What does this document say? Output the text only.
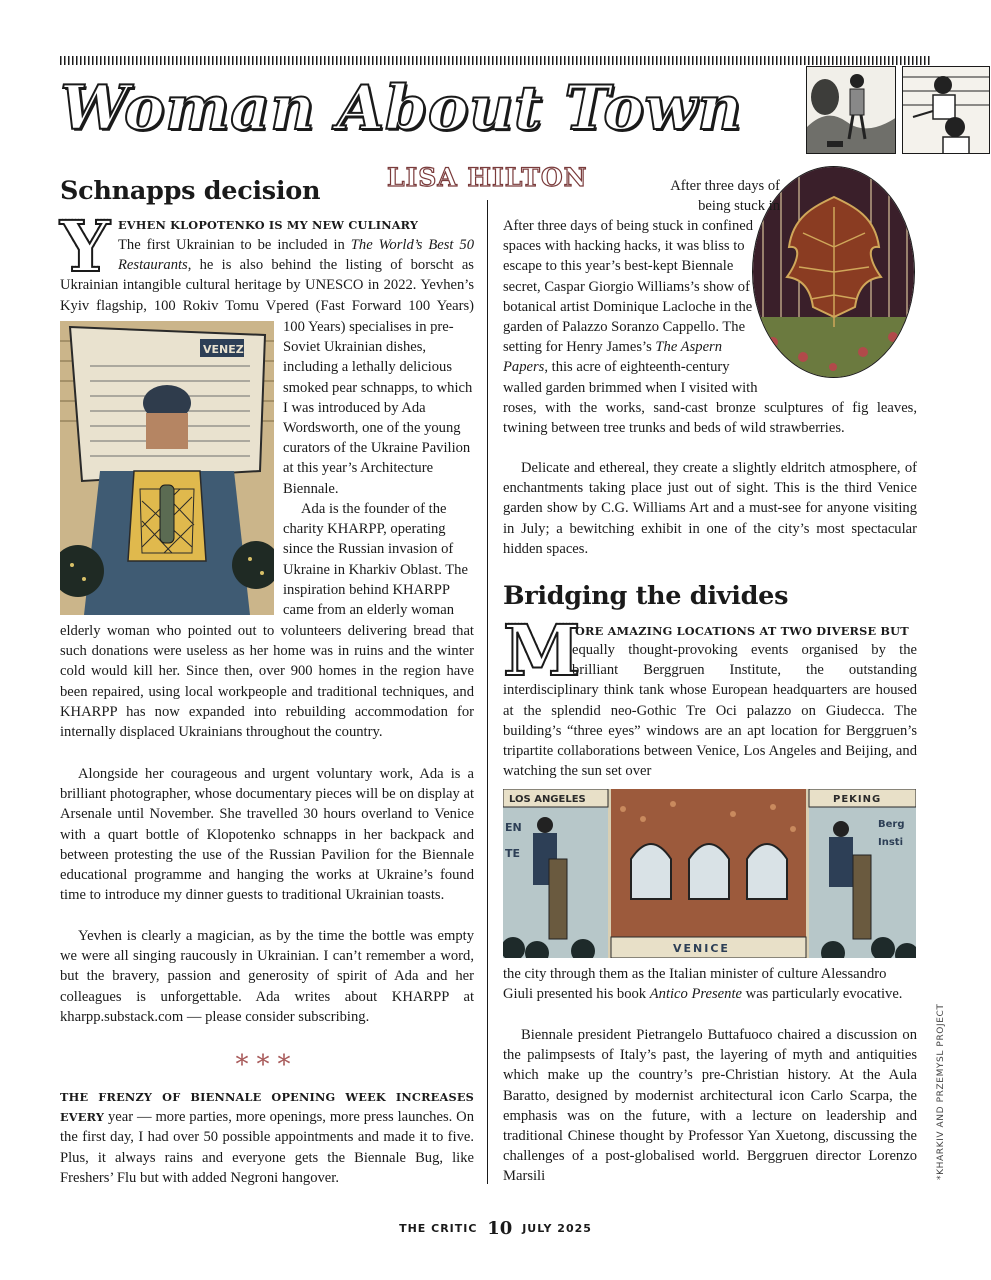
Woman About Town
LISA HILTON
Schnapps decision
VENEZIA
Y EVHEN KLOPOTENKO IS MY NEW CULINARY
The first Ukrainian to be included in The World’s Best 50 Restaurants, he is also behind the listing of borscht as Ukrainian intangible cultural heritage by UNESCO in 2022. Yevhen’s Kyiv flagship, 100 Rokiv Tomu Vpered (Fast Forward 100 Years)
100 Years) specialises in pre-Soviet Ukrainian dishes, including a lethally delicious smoked pear schnapps, to which I was introduced by Ada Wordsworth, one of the young curators of the Ukraine Pavilion at this year’s Architecture Biennale.
Ada is the founder of the charity KHARPP, operating since the Russian invasion of Ukraine in Kharkiv Oblast. The inspiration behind KHARPP came from an elderly woman
elderly woman who pointed out to volunteers delivering bread that such donations were useless as her home was in ruins and the winter cold would kill her. Since then, over 900 homes in the region have been repaired, using local workpeople and traditional techniques, and KHARPP has now expanded into rebuilding accommodation for internally displaced Ukrainians throughout the country.
Alongside her courageous and urgent voluntary work, Ada is a brilliant photographer, whose documentary pieces will be on display at Arsenale until November. She travelled 30 hours overland to Venice with a quart bottle of Klopotenko schnapps in her backpack and between protesting the use of the Russian Pavilion for the Biennale educational programme and hanging the works at Ukraine’s found time to introduce my dinner guests to traditional Ukrainian toasts.
Yevhen is clearly a magician, as by the time the bottle was empty we were all singing raucously in Ukrainian. I can’t remember a word, but the bravery, passion and generosity of spirit of Ada and her colleagues is unforgettable. Ada writes about KHARPP at kharpp.substack.com — please consider subscribing.
***
THE FRENZY OF BIENNALE OPENING WEEK INCREASES EVERY year — more parties, more openings, more press launches. On the first day, I had over 50 possible appointments and made it to five. Plus, it always rains and everyone gets the Biennale Bug, like Freshers’ Flu but with added Negroni hangover.
After three days of being stuck in
After three days of being stuck in confined spaces with hacking hacks, it was bliss to escape to this year’s best-kept Biennale secret, Caspar Giorgio Williams’s show of botanical artist Dominique Lacloche in the garden of Palazzo Soranzo Cappello. The setting for Henry James’s The Aspern Papers, this acre of eighteenth-century walled garden brimmed when I visited with
roses, with the works, sand-cast bronze sculptures of fig leaves, twining between tree trunks and beds of wild strawberries.
Delicate and ethereal, they create a slightly eldritch atmosphere, of enchantments taking place just out of sight. This is the third Venice garden show by C.G. Williams Art and a must-see for anyone visiting in July; a bewitching exhibit in one of the city’s most spectacular hidden spaces.
Bridging the divides
M
ORE AMAZING LOCATIONS AT TWO DIVERSE BUT
equally thought-provoking events organised by the brilliant Berggruen Institute, the outstanding interdisciplinary think tank whose European headquarters are housed at the splendid neo-Gothic Tre Oci palazzo on Giudecca. The building’s “three eyes” windows are an apt location for Berggruen’s tripartite collaborations between Venice, Los Angeles and Beijing, and watching the sun set over
LOS ANGELES
EN
TE
VENICE
PEKING
Berg
Insti
the city through them as the Italian minister of culture Alessandro Giuli presented his book Antico Presente was particularly evocative.
Biennale president Pietrangelo Buttafuoco chaired a discussion on the palimpsests of Italy’s past, the layering of myth and antiquities which make up the country’s pre-Christian history. At the Aula Baratto, designed by modernist architectural icon Carlo Scarpa, the emphasis was on the future, with a lecture on leadership and traditional Chinese thought by Professor Yan Xuetong, discussing the challenges of a post-globalised world. Berggruen director Lorenzo Marsili	*KHARKIV AND PRZEMYSL PROJECT
THE CRITIC 10 JULY 2025
